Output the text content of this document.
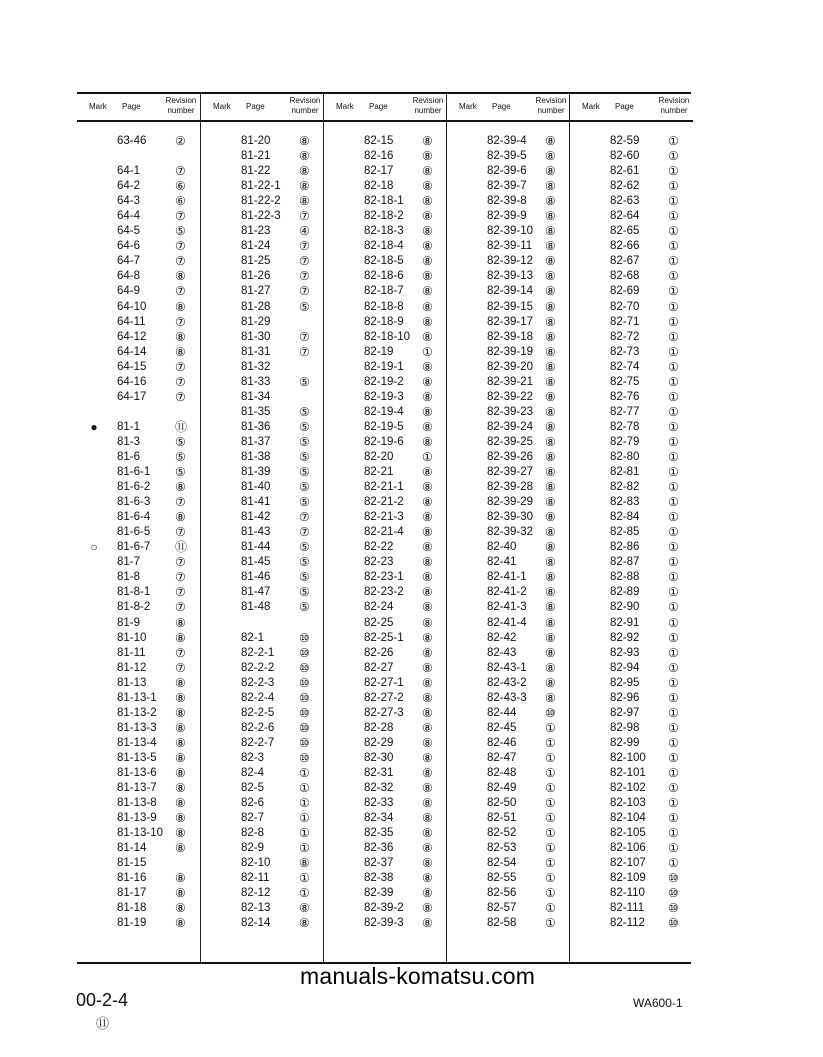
Mark Page
Revision
number
63-46 ②
64-1	⑦
64-2	⑥
64-3	⑥
64-4	⑦
64-5	⑤
64-6	⑦
64-7	⑦
64-8	⑧
64-9	⑦
64-10 ⑧
64-11 ⑦
64-12 ⑧
64-14 ⑧
64-15 ⑦
64-16 ⑦
64-17 ⑦
● 81-1	⑪
81-3	⑤
81-6	⑤
81-6-1 ⑤
81-6-2 ⑧
81-6-3 ⑦
81-6-4 ⑧
81-6-5 ⑦
○ 81-6-7 ⑪
81-7	⑦
81-8	⑦
81-8-1 ⑦
81-8-2 ⑦
81-9	⑧
81-10 ⑧
81-11 ⑦
81-12 ⑦
81-13 ⑧
81-13-1 ⑧
81-13-2 ⑧
81-13-3 ⑧
81-13-4 ⑧
81-13-5 ⑧
81-13-6 ⑧
81-13-7 ⑧
81-13-8 ⑧
81-13-9 ⑧
81-13-10 ⑧
81-14 ⑧
81-15
81-16 ⑧
81-17 ⑧
81-18 ⑧
81-19 ⑧
Mark Page
Revision
number
81-20 ⑧
81-21 ⑧
81-22 ⑧
81-22-1 ⑧
81-22-2 ⑧
81-22-3 ⑦
81-23 ④
81-24 ⑦
81-25 ⑦
81-26 ⑦
81-27 ⑦
81-28 ⑤
81-29
81-30 ⑦
81-31 ⑦
81-32
81-33 ⑤
81-34
81-35 ⑤
81-36 ⑤
81-37 ⑤
81-38 ⑤
81-39 ⑤
81-40 ⑤
81-41 ⑤
81-42 ⑦
81-43 ⑦
81-44 ⑤
81-45 ⑤
81-46 ⑤
81-47 ⑤
81-48 ⑤
82-1	⑩
82-2-1 ⑩
82-2-2 ⑩
82-2-3 ⑩
82-2-4 ⑩
82-2-5 ⑩
82-2-6 ⑩
82-2-7 ⑩
82-3	⑩
82-4	①
82-5	①
82-6	①
82-7	①
82-8	①
82-9	①
82-10 ⑧
82-11 ①
82-12 ①
82-13 ⑧
82-14 ⑧
Mark Page
Revision
number
82-15 ⑧
82-16 ⑧
82-17 ⑧
82-18 ⑧
82-18-1 ⑧
82-18-2 ⑧
82-18-3 ⑧
82-18-4 ⑧
82-18-5 ⑧
82-18-6 ⑧
82-18-7 ⑧
82-18-8 ⑧
82-18-9 ⑧
82-18-10 ⑧
82-19 ①
82-19-1 ⑧
82-19-2 ⑧
82-19-3 ⑧
82-19-4 ⑧
82-19-5 ⑧
82-19-6 ⑧
82-20 ①
82-21 ⑧
82-21-1 ⑧
82-21-2 ⑧
82-21-3 ⑧
82-21-4 ⑧
82-22 ⑧
82-23 ⑧
82-23-1 ⑧
82-23-2 ⑧
82-24 ⑧
82-25 ⑧
82-25-1 ⑧
82-26 ⑧
82-27 ⑧
82-27-1 ⑧
82-27-2 ⑧
82-27-3 ⑧
82-28 ⑧
82-29 ⑧
82-30 ⑧
82-31 ⑧
82-32 ⑧
82-33 ⑧
82-34 ⑧
82-35 ⑧
82-36 ⑧
82-37 ⑧
82-38 ⑧
82-39 ⑧
82-39-2 ⑧
82-39-3 ⑧
Mark Page
Revision
number
82-39-4 ⑧
82-39-5 ⑧
82-39-6 ⑧
82-39-7 ⑧
82-39-8 ⑧
82-39-9 ⑧
82-39-10 ⑧
82-39-11 ⑧
82-39-12 ⑧
82-39-13 ⑧
82-39-14 ⑧
82-39-15 ⑧
82-39-17 ⑧
82-39-18 ⑧
82-39-19 ⑧
82-39-20 ⑧
82-39-21 ⑧
82-39-22 ⑧
82-39-23 ⑧
82-39-24 ⑧
82-39-25 ⑧
82-39-26 ⑧
82-39-27 ⑧
82-39-28 ⑧
82-39-29 ⑧
82-39-30 ⑧
82-39-32 ⑧
82-40 ⑧
82-41 ⑧
82-41-1 ⑧
82-41-2 ⑧
82-41-3 ⑧
82-41-4 ⑧
82-42 ⑧
82-43 ⑧
82-43-1 ⑧
82-43-2 ⑧
82-43-3 ⑧
82-44 ⑩
82-45 ①
82-46 ①
82-47 ①
82-48 ①
82-49 ①
82-50 ①
82-51 ①
82-52 ①
82-53 ①
82-54 ①
82-55 ①
82-56 ①
82-57 ①
82-58 ①
Mark Page
Revision
number
82-59 ①
82-60 ①
82-61 ①
82-62 ①
82-63 ①
82-64 ①
82-65 ①
82-66 ①
82-67 ①
82-68 ①
82-69 ①
82-70 ①
82-71 ①
82-72 ①
82-73 ①
82-74 ①
82-75 ①
82-76 ①
82-77 ①
82-78 ①
82-79 ①
82-80 ①
82-81 ①
82-82 ①
82-83 ①
82-84 ①
82-85 ①
82-86 ①
82-87 ①
82-88 ①
82-89 ①
82-90 ①
82-91 ①
82-92 ①
82-93 ①
82-94 ①
82-95 ①
82-96 ①
82-97 ①
82-98 ①
82-99 ①
82-100 ①
82-101 ①
82-102 ①
82-103 ①
82-104 ①
82-105 ①
82-106 ①
82-107 ①
82-109 ⑩
82-110 ⑩
82-111 ⑩
82-112 ⑩
manuals-komatsu.com
00-2-4
⑪
WA600-1
